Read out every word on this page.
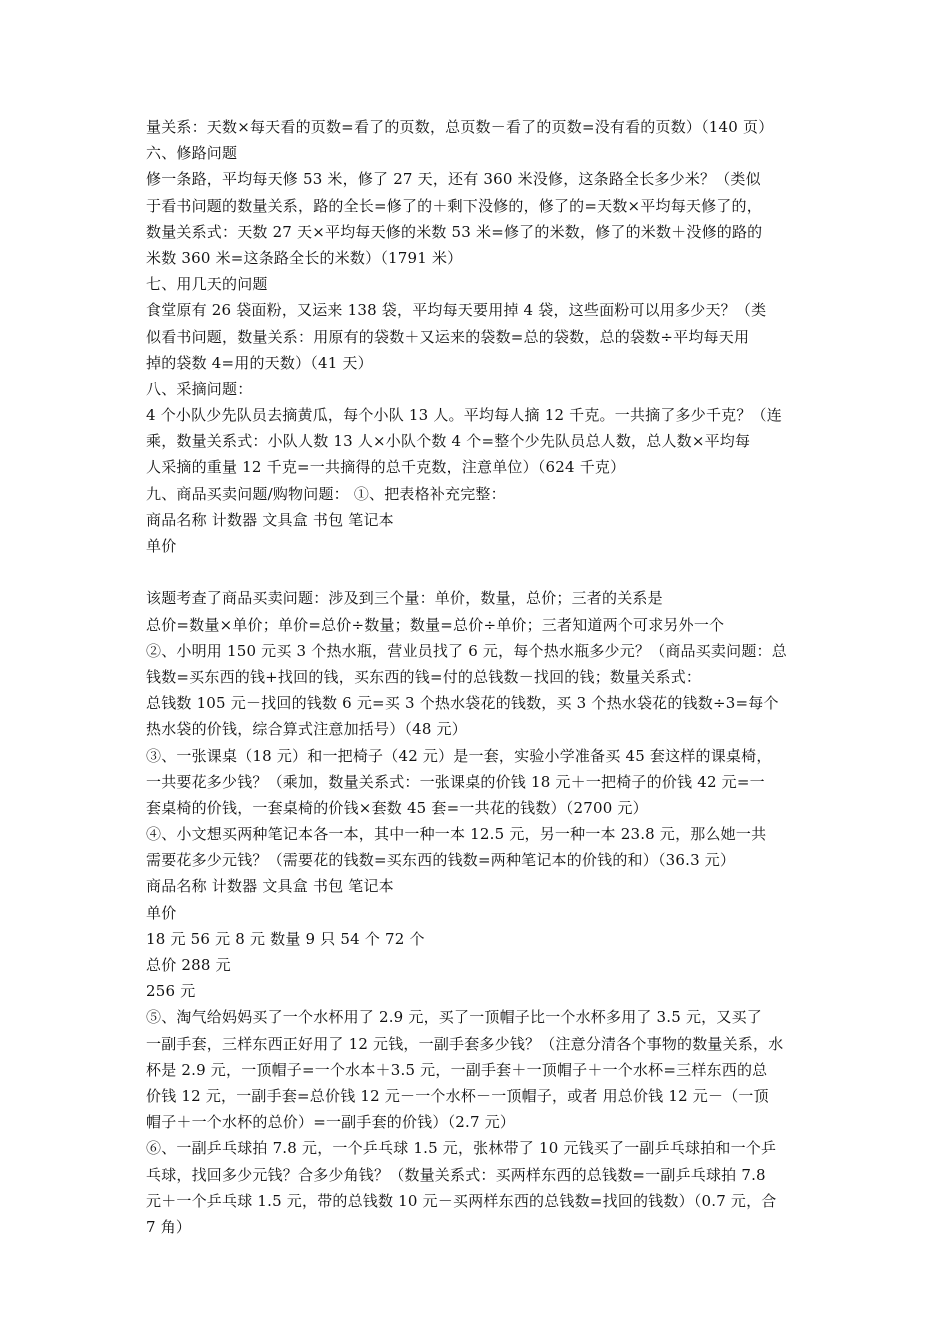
量关系：天数×每天看的页数=看了的页数，总页数－看了的页数=没有看的页数）（140 页）
六、修路问题
修一条路，平均每天修 53 米，修了 27 天，还有 360 米没修，这条路全长多少米？（类似
于看书问题的数量关系，路的全长=修了的＋剩下没修的，修了的=天数×平均每天修了的，
数量关系式：天数 27 天×平均每天修的米数 53 米=修了的米数，修了的米数＋没修的路的
米数 360 米=这条路全长的米数）（1791 米）
七、用几天的问题
食堂原有 26 袋面粉，又运来 138 袋，平均每天要用掉 4 袋，这些面粉可以用多少天？（类
似看书问题，数量关系：用原有的袋数＋又运来的袋数=总的袋数，总的袋数÷平均每天用
掉的袋数 4=用的天数）（41 天）
八、采摘问题：
4 个小队少先队员去摘黄瓜，每个小队 13 人。平均每人摘 12 千克。一共摘了多少千克？（连
乘，数量关系式：小队人数 13 人×小队个数 4 个=整个少先队员总人数，总人数×平均每
人采摘的重量 12 千克=一共摘得的总千克数，注意单位）（624 千克）
九、商品买卖问题/购物问题： ①、把表格补充完整：
商品名称 计数器 文具盒 书包 笔记本
单价
该题考查了商品买卖问题：涉及到三个量：单价，数量，总价；三者的关系是
总价=数量×单价；单价=总价÷数量；数量=总价÷单价；三者知道两个可求另外一个
②、小明用 150 元买 3 个热水瓶，营业员找了 6 元，每个热水瓶多少元？（商品买卖问题：总
钱数=买东西的钱+找回的钱，买东西的钱=付的总钱数－找回的钱；数量关系式：
总钱数 105 元－找回的钱数 6 元=买 3 个热水袋花的钱数，买 3 个热水袋花的钱数÷3=每个
热水袋的价钱，综合算式注意加括号）（48 元）
③、一张课桌（18 元）和一把椅子（42 元）是一套，实验小学准备买 45 套这样的课桌椅，
一共要花多少钱？（乘加，数量关系式：一张课桌的价钱 18 元＋一把椅子的价钱 42 元=一
套桌椅的价钱，一套桌椅的价钱×套数 45 套=一共花的钱数）（2700 元）
④、小文想买两种笔记本各一本，其中一种一本 12.5 元，另一种一本 23.8 元，那么她一共
需要花多少元钱？（需要花的钱数=买东西的钱数=两种笔记本的价钱的和）（36.3 元）
商品名称 计数器 文具盒 书包 笔记本
单价
18 元 56 元 8 元 数量 9 只 54 个 72 个
总价 288 元
256 元
⑤、淘气给妈妈买了一个水杯用了 2.9 元，买了一顶帽子比一个水杯多用了 3.5 元，又买了
一副手套，三样东西正好用了 12 元钱，一副手套多少钱？（注意分清各个事物的数量关系，水
杯是 2.9 元，一顶帽子=一个水本＋3.5 元，一副手套＋一顶帽子＋一个水杯=三样东西的总
价钱 12 元，一副手套=总价钱 12 元－一个水杯－一顶帽子，或者 用总价钱 12 元－（一顶
帽子＋一个水杯的总价）=一副手套的价钱）（2.7 元）
⑥、一副乒乓球拍 7.8 元，一个乒乓球 1.5 元，张林带了 10 元钱买了一副乒乓球拍和一个乒
乓球，找回多少元钱？合多少角钱？（数量关系式：买两样东西的总钱数=一副乒乓球拍 7.8
元＋一个乒乓球 1.5 元，带的总钱数 10 元－买两样东西的总钱数=找回的钱数）（0.7 元，合
7 角）
